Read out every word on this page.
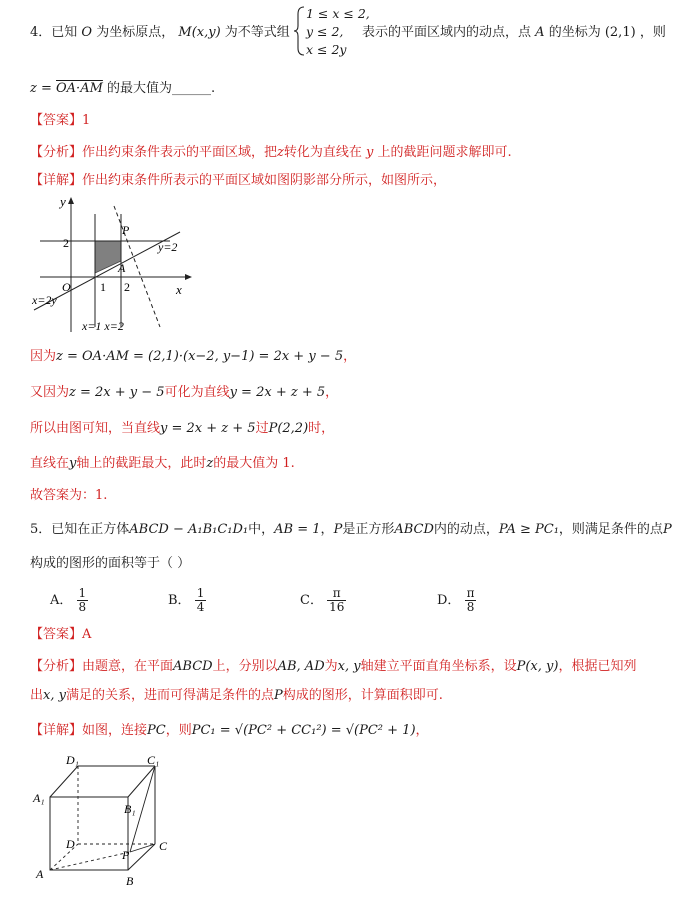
4．已知 O 为坐标原点， M(x,y) 为不等式组
1 ≤ x ≤ 2,
y ≤ 2,
x ≤ 2y
表示的平面区域内的动点，点 A 的坐标为 (2,1) ，则
z = OA·AM 的最大值为______.
【答案】1
【分析】作出约束条件表示的平面区域，把z转化为直线在 y 上的截距问题求解即可.
【详解】作出约束条件所表示的平面区域如图阴影部分所示，如图所示，
y
x
O
P
A
y=2
2
1 2
x=2y
x=1 x=2
因为z = OA·AM = (2,1)·(x−2, y−1) = 2x + y − 5，
又因为z = 2x + y − 5可化为直线y = 2x + z + 5，
所以由图可知，当直线y = 2x + z + 5过P(2,2)时，
直线在y轴上的截距最大，此时z的最大值为 1.
故答案为：1.
5．已知在正方体ABCD − A₁B₁C₁D₁中，AB = 1，P是正方形ABCD内的动点，PA ≥ PC₁，则满足条件的点P
构成的图形的面积等于（ ）
A． $\frac{1}{8}$	B． $\frac{1}{4}$	C． $\frac{\pi}{16}$	D． $\frac{\pi}{8}$
【答案】A
【分析】由题意，在平面ABCD上，分别以AB, AD为x, y轴建立平面直角坐标系，设P(x, y)，根据已知列
出x, y满足的关系，进而可得满足条件的点P构成的图形，计算面积即可.
【详解】如图，连接PC，则PC₁ = √(PC² + CC₁²) = √(PC² + 1)，
D₁	C₁
A₁
B₁
D	C
P
A	B
